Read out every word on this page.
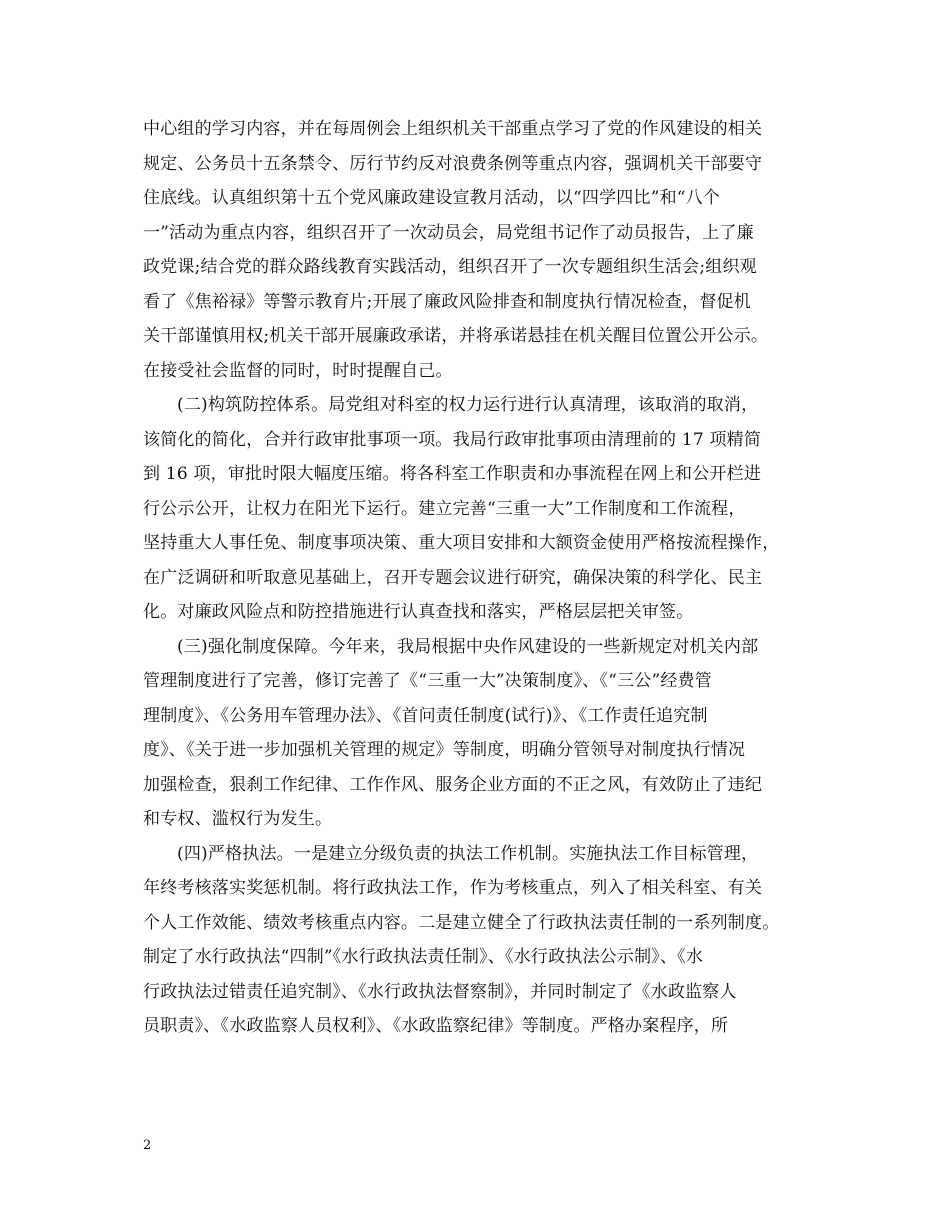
中心组的学习内容，并在每周例会上组织机关干部重点学习了党的作风建设的相关
规定、公务员十五条禁令、厉行节约反对浪费条例等重点内容，强调机关干部要守
住底线。认真组织第十五个党风廉政建设宣教月活动，以“四学四比”和“八个
一”活动为重点内容，组织召开了一次动员会，局党组书记作了动员报告，上了廉
政党课;结合党的群众路线教育实践活动，组织召开了一次专题组织生活会;组织观
看了《焦裕禄》等警示教育片;开展了廉政风险排查和制度执行情况检查，督促机
关干部谨慎用权;机关干部开展廉政承诺，并将承诺悬挂在机关醒目位置公开公示。
在接受社会监督的同时，时时提醒自己。
(二)构筑防控体系。局党组对科室的权力运行进行认真清理，该取消的取消，
该简化的简化，合并行政审批事项一项。我局行政审批事项由清理前的 17 项精简
到 16 项，审批时限大幅度压缩。将各科室工作职责和办事流程在网上和公开栏进
行公示公开，让权力在阳光下运行。建立完善“三重一大”工作制度和工作流程，
坚持重大人事任免、制度事项决策、重大项目安排和大额资金使用严格按流程操作，
在广泛调研和听取意见基础上，召开专题会议进行研究，确保决策的科学化、民主
化。对廉政风险点和防控措施进行认真查找和落实，严格层层把关审签。
(三)强化制度保障。今年来，我局根据中央作风建设的一些新规定对机关内部
管理制度进行了完善，修订完善了《“三重一大”决策制度》、《“三公”经费管
理制度》、《公务用车管理办法》、《首问责任制度(试行)》、《工作责任追究制
度》、《关于进一步加强机关管理的规定》等制度，明确分管领导对制度执行情况
加强检查，狠刹工作纪律、工作作风、服务企业方面的不正之风，有效防止了违纪
和专权、滥权行为发生。
(四)严格执法。一是建立分级负责的执法工作机制。实施执法工作目标管理，
年终考核落实奖惩机制。将行政执法工作，作为考核重点，列入了相关科室、有关
个人工作效能、绩效考核重点内容。二是建立健全了行政执法责任制的一系列制度。
制定了水行政执法“四制”《水行政执法责任制》、《水行政执法公示制》、《水
行政执法过错责任追究制》、《水行政执法督察制》，并同时制定了《水政监察人
员职责》、《水政监察人员权利》、《水政监察纪律》等制度。严格办案程序，所
2
